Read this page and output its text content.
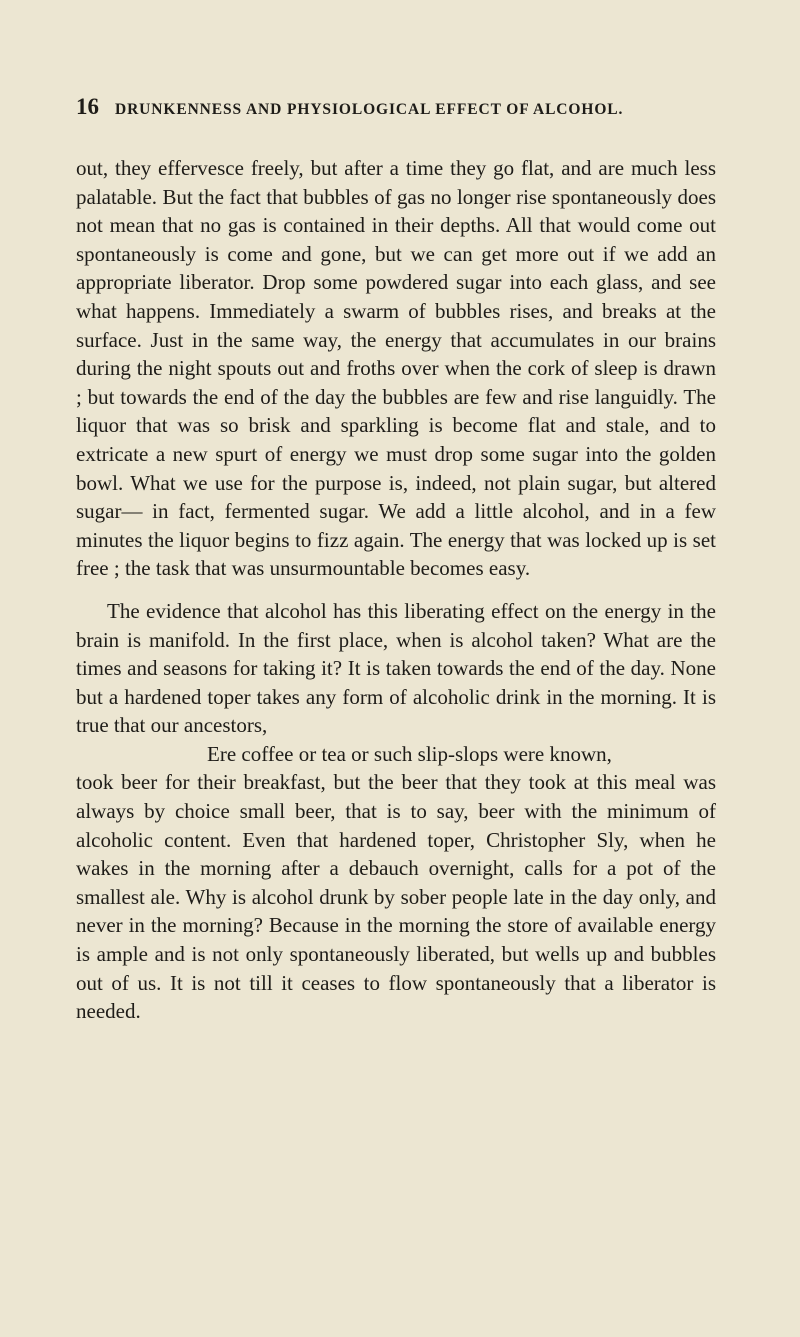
16 DRUNKENNESS AND PHYSIOLOGICAL EFFECT OF ALCOHOL.

out, they effervesce freely, but after a time they go flat, and are much less palatable. But the fact that bubbles of gas no longer rise spontaneously does not mean that no gas is contained in their depths. All that would come out spontaneously is come and gone, but we can get more out if we add an appropriate liberator. Drop some powdered sugar into each glass, and see what happens. Immediately a swarm of bubbles rises, and breaks at the surface. Just in the same way, the energy that accumulates in our brains during the night spouts out and froths over when the cork of sleep is drawn ; but towards the end of the day the bubbles are few and rise languidly. The liquor that was so brisk and sparkling is become flat and stale, and to extricate a new spurt of energy we must drop some sugar into the golden bowl. What we use for the purpose is, indeed, not plain sugar, but altered sugar— in fact, fermented sugar. We add a little alcohol, and in a few minutes the liquor begins to fizz again. The energy that was locked up is set free ; the task that was unsurmountable becomes easy.

The evidence that alcohol has this liberating effect on the energy in the brain is manifold. In the first place, when is alcohol taken? What are the times and seasons for taking it? It is taken towards the end of the day. None but a hardened toper takes any form of alcoholic drink in the morning. It is true that our ancestors,

Ere coffee or tea or such slip-slops were known,

took beer for their breakfast, but the beer that they took at this meal was always by choice small beer, that is to say, beer with the minimum of alcoholic content. Even that hardened toper, Christopher Sly, when he wakes in the morning after a debauch overnight, calls for a pot of the smallest ale. Why is alcohol drunk by sober people late in the day only, and never in the morning? Because in the morning the store of available energy is ample and is not only spontaneously liberated, but wells up and bubbles out of us. It is not till it ceases to flow spontaneously that a liberator is needed.
